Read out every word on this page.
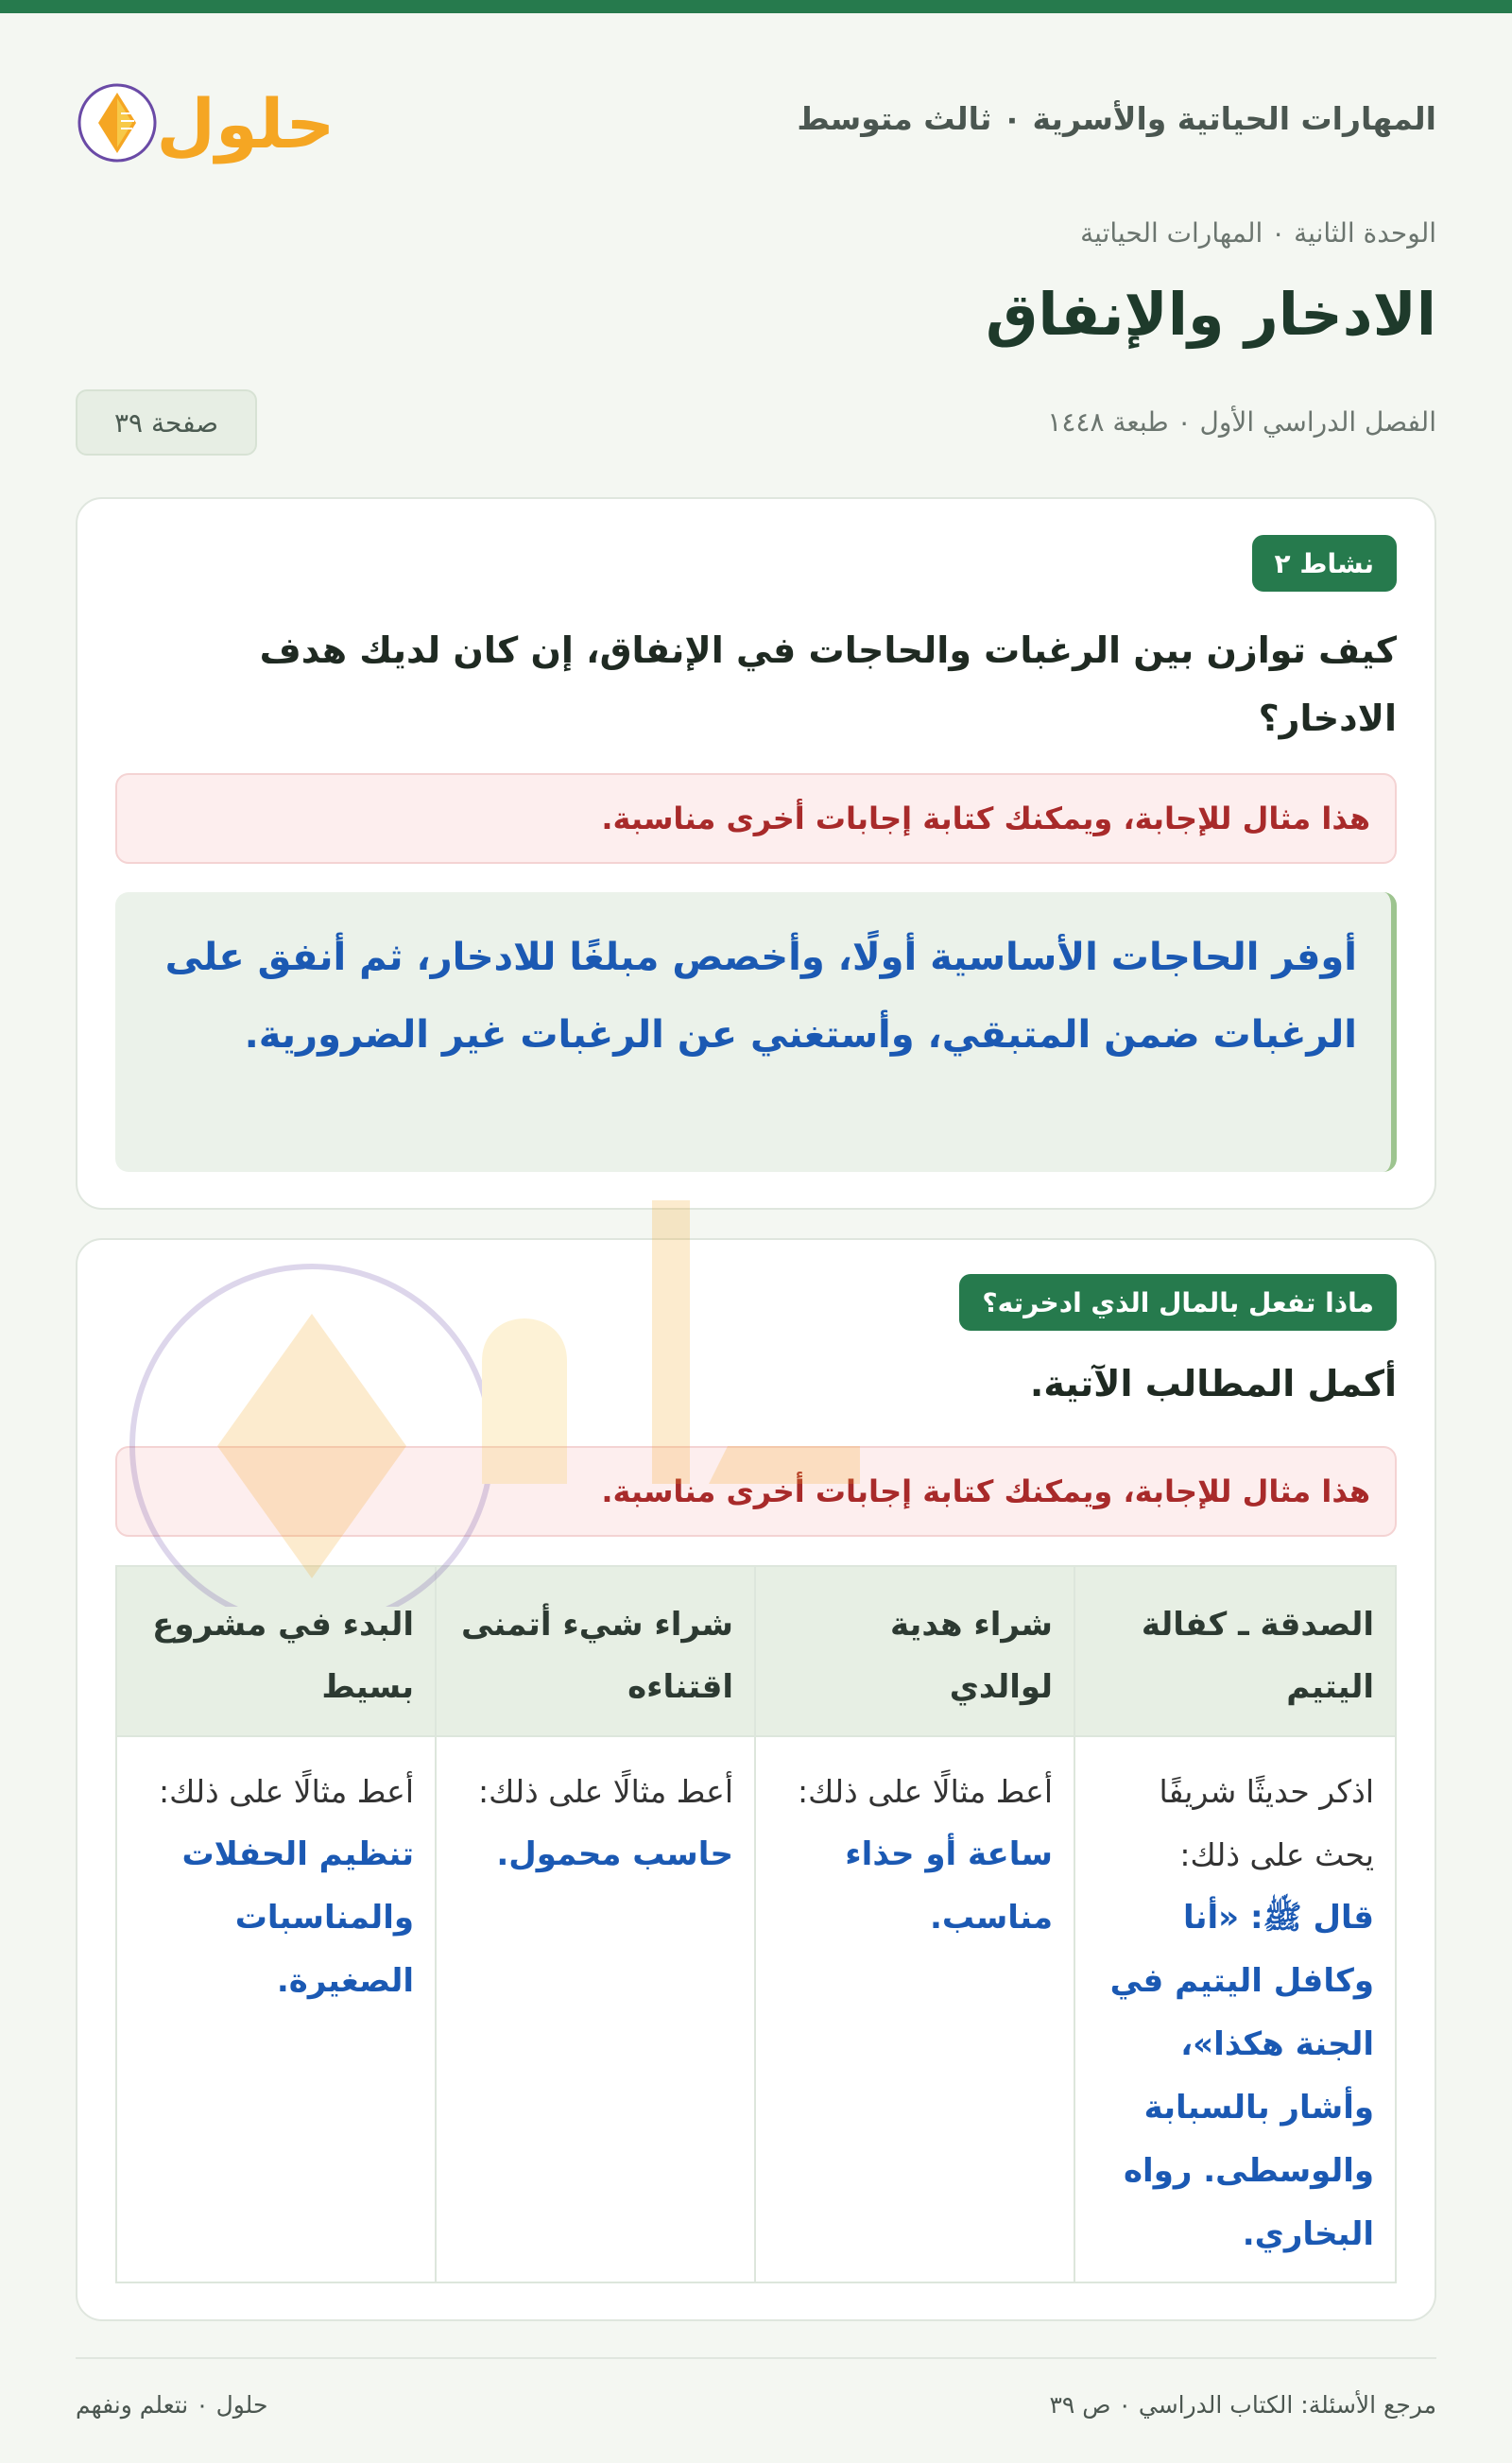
المهارات الحياتية والأسرية ٠ ثالث متوسط
حلول
الوحدة الثانية ٠ المهارات الحياتية
الادخار والإنفاق
الفصل الدراسي الأول ٠ طبعة ١٤٤٨
صفحة ٣٩
نشاط ٢

كيف توازن بين الرغبات والحاجات في الإنفاق، إن كان لديك هدف الادخار؟

هذا مثال للإجابة، ويمكنك كتابة إجابات أخرى مناسبة.
أوفر الحاجات الأساسية أولًا، وأخصص مبلغًا للادخار، ثم أنفق على الرغبات ضمن المتبقي، وأستغني عن الرغبات غير الضرورية.
ماذا تفعل بالمال الذي ادخرته؟

أكمل المطالب الآتية.

هذا مثال للإجابة، ويمكنك كتابة إجابات أخرى مناسبة.
الصدقة ـ كفالة اليتيم
شراء هدية لوالدي
شراء شيء أتمنى اقتناءه
البدء في مشروع بسيط
اذكر حديثًا شريفًا يحث على ذلك:
قال ﷺ: «أنا وكافل اليتيم في الجنة هكذا»، وأشار بالسبابة والوسطى. رواه البخاري.
أعط مثالًا على ذلك:
ساعة أو حذاء مناسب.
أعط مثالًا على ذلك:
حاسب محمول.
أعط مثالًا على ذلك:
تنظيم الحفلات والمناسبات الصغيرة.
حلول ٠ نتعلم ونفهم	مرجع الأسئلة: الكتاب الدراسي ٠ ص ٣٩
